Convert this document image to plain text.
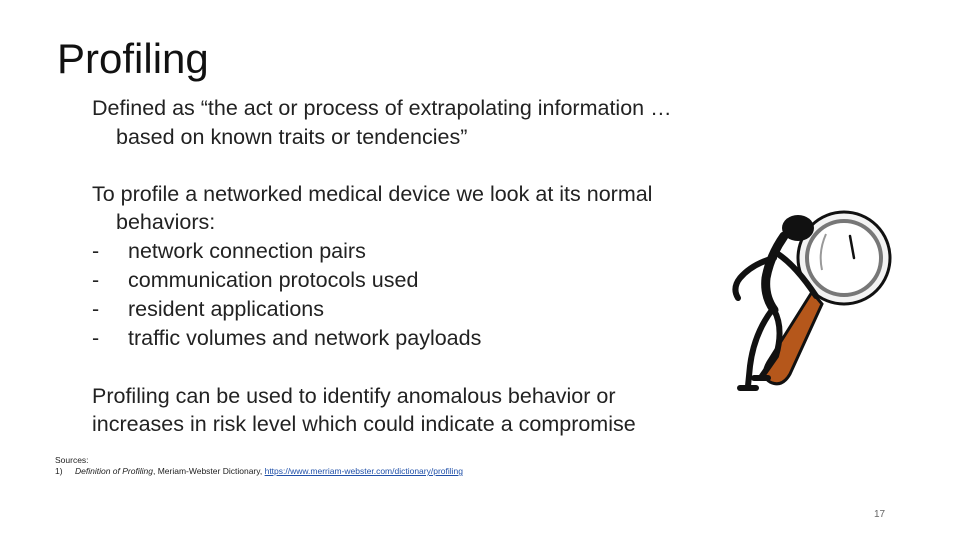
Profiling
Defined as “the act or process of extrapolating information …
based on known traits or tendencies”
To profile a networked medical device we look at its normal
behaviors:
- network connection pairs
- communication protocols used
- resident applications
- traffic volumes and network payloads
Profiling can be used to identify anomalous behavior or
increases in risk level which could indicate a compromise
Sources:
1) Definition of Profiling, Meriam-Webster Dictionary, https://www.merriam-webster.com/dictionary/profiling
17
